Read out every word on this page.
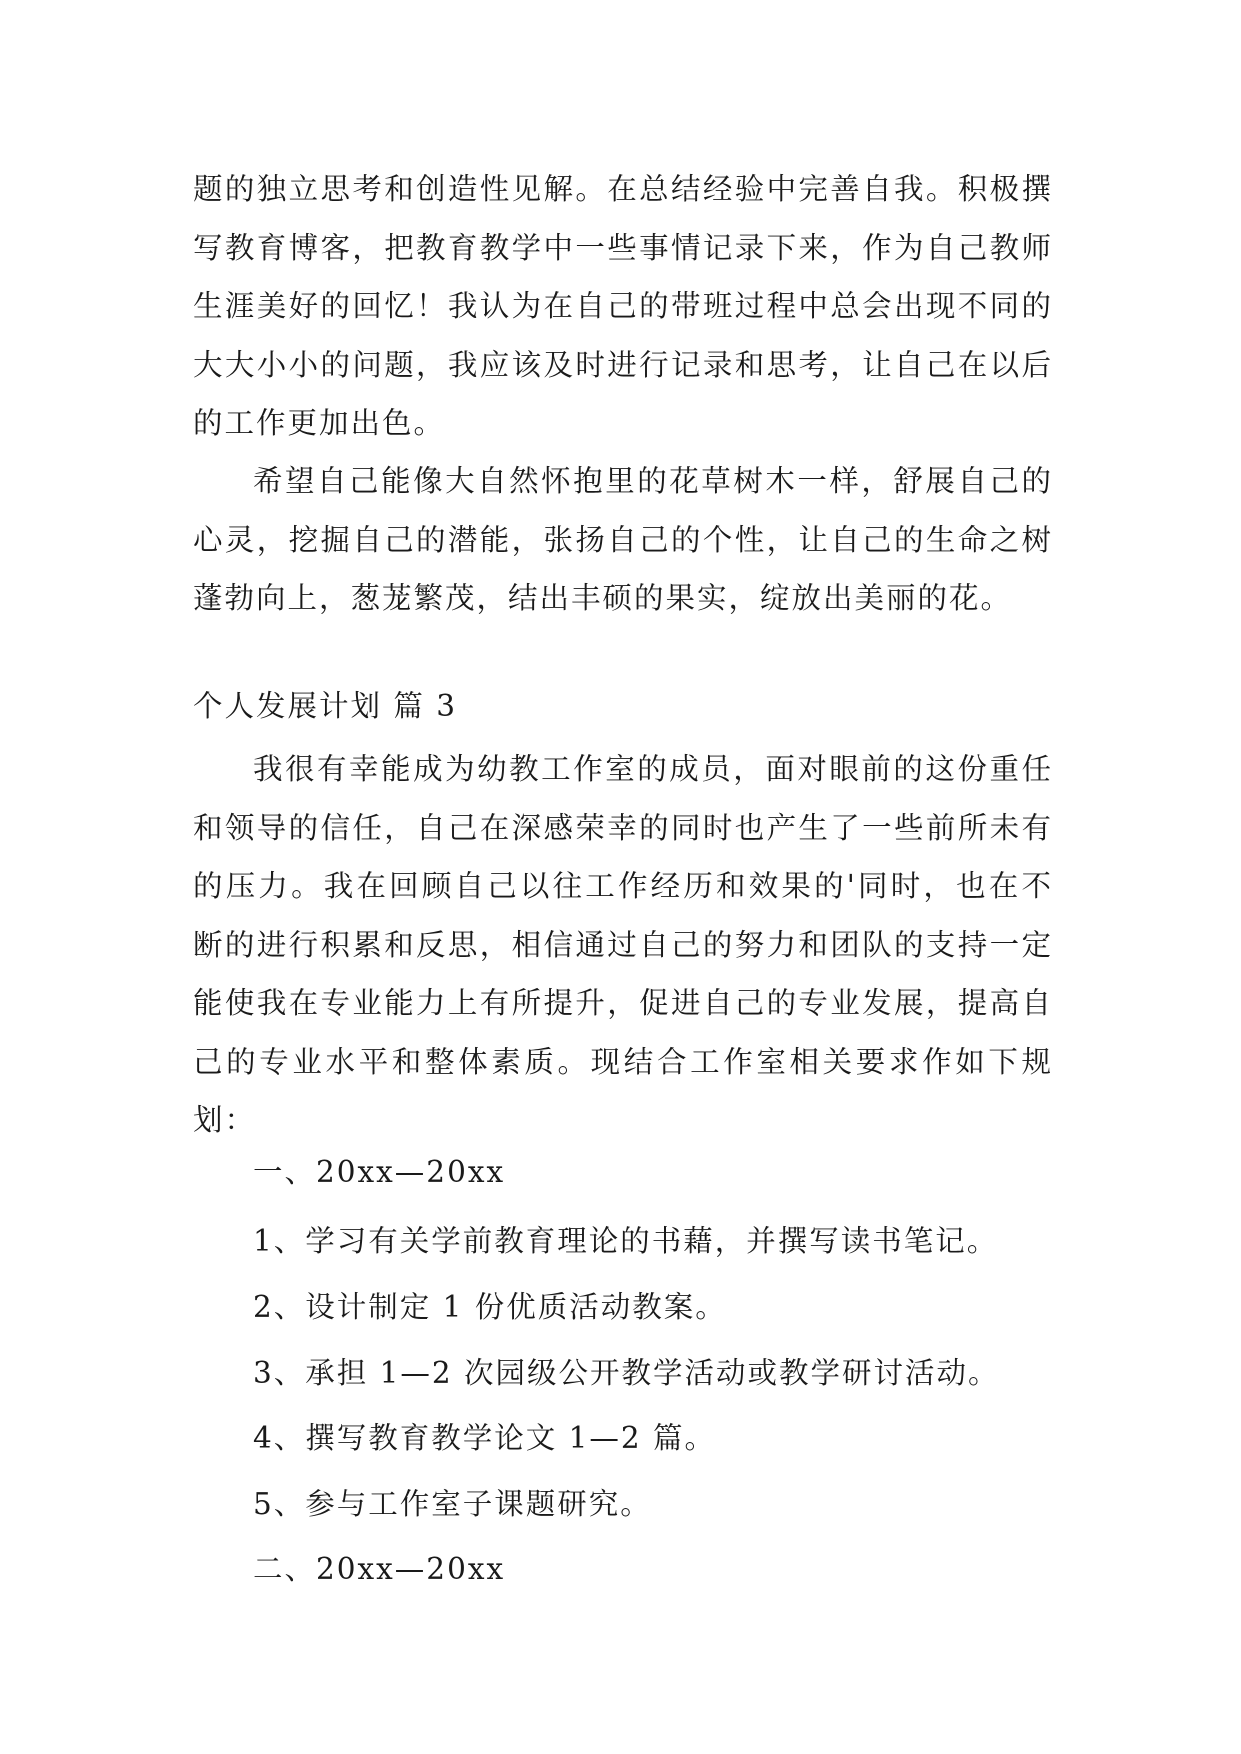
题的独立思考和创造性见解。在总结经验中完善自我。积极撰写教育博客，把教育教学中一些事情记录下来，作为自己教师生涯美好的回忆！我认为在自己的带班过程中总会出现不同的大大小小的问题，我应该及时进行记录和思考，让自己在以后的工作更加出色。

希望自己能像大自然怀抱里的花草树木一样，舒展自己的心灵，挖掘自己的潜能，张扬自己的个性，让自己的生命之树蓬勃向上，葱茏繁茂，结出丰硕的果实，绽放出美丽的花。

个人发展计划 篇 3

我很有幸能成为幼教工作室的成员，面对眼前的这份重任和领导的信任，自己在深感荣幸的同时也产生了一些前所未有的压力。我在回顾自己以往工作经历和效果的'同时，也在不断的进行积累和反思，相信通过自己的努力和团队的支持一定能使我在专业能力上有所提升，促进自己的专业发展，提高自己的专业水平和整体素质。现结合工作室相关要求作如下规划：

一、20xx—20xx

1、学习有关学前教育理论的书藉，并撰写读书笔记。

2、设计制定 1 份优质活动教案。

3、承担 1—2 次园级公开教学活动或教学研讨活动。

4、撰写教育教学论文 1—2 篇。

5、参与工作室子课题研究。

二、20xx—20xx
